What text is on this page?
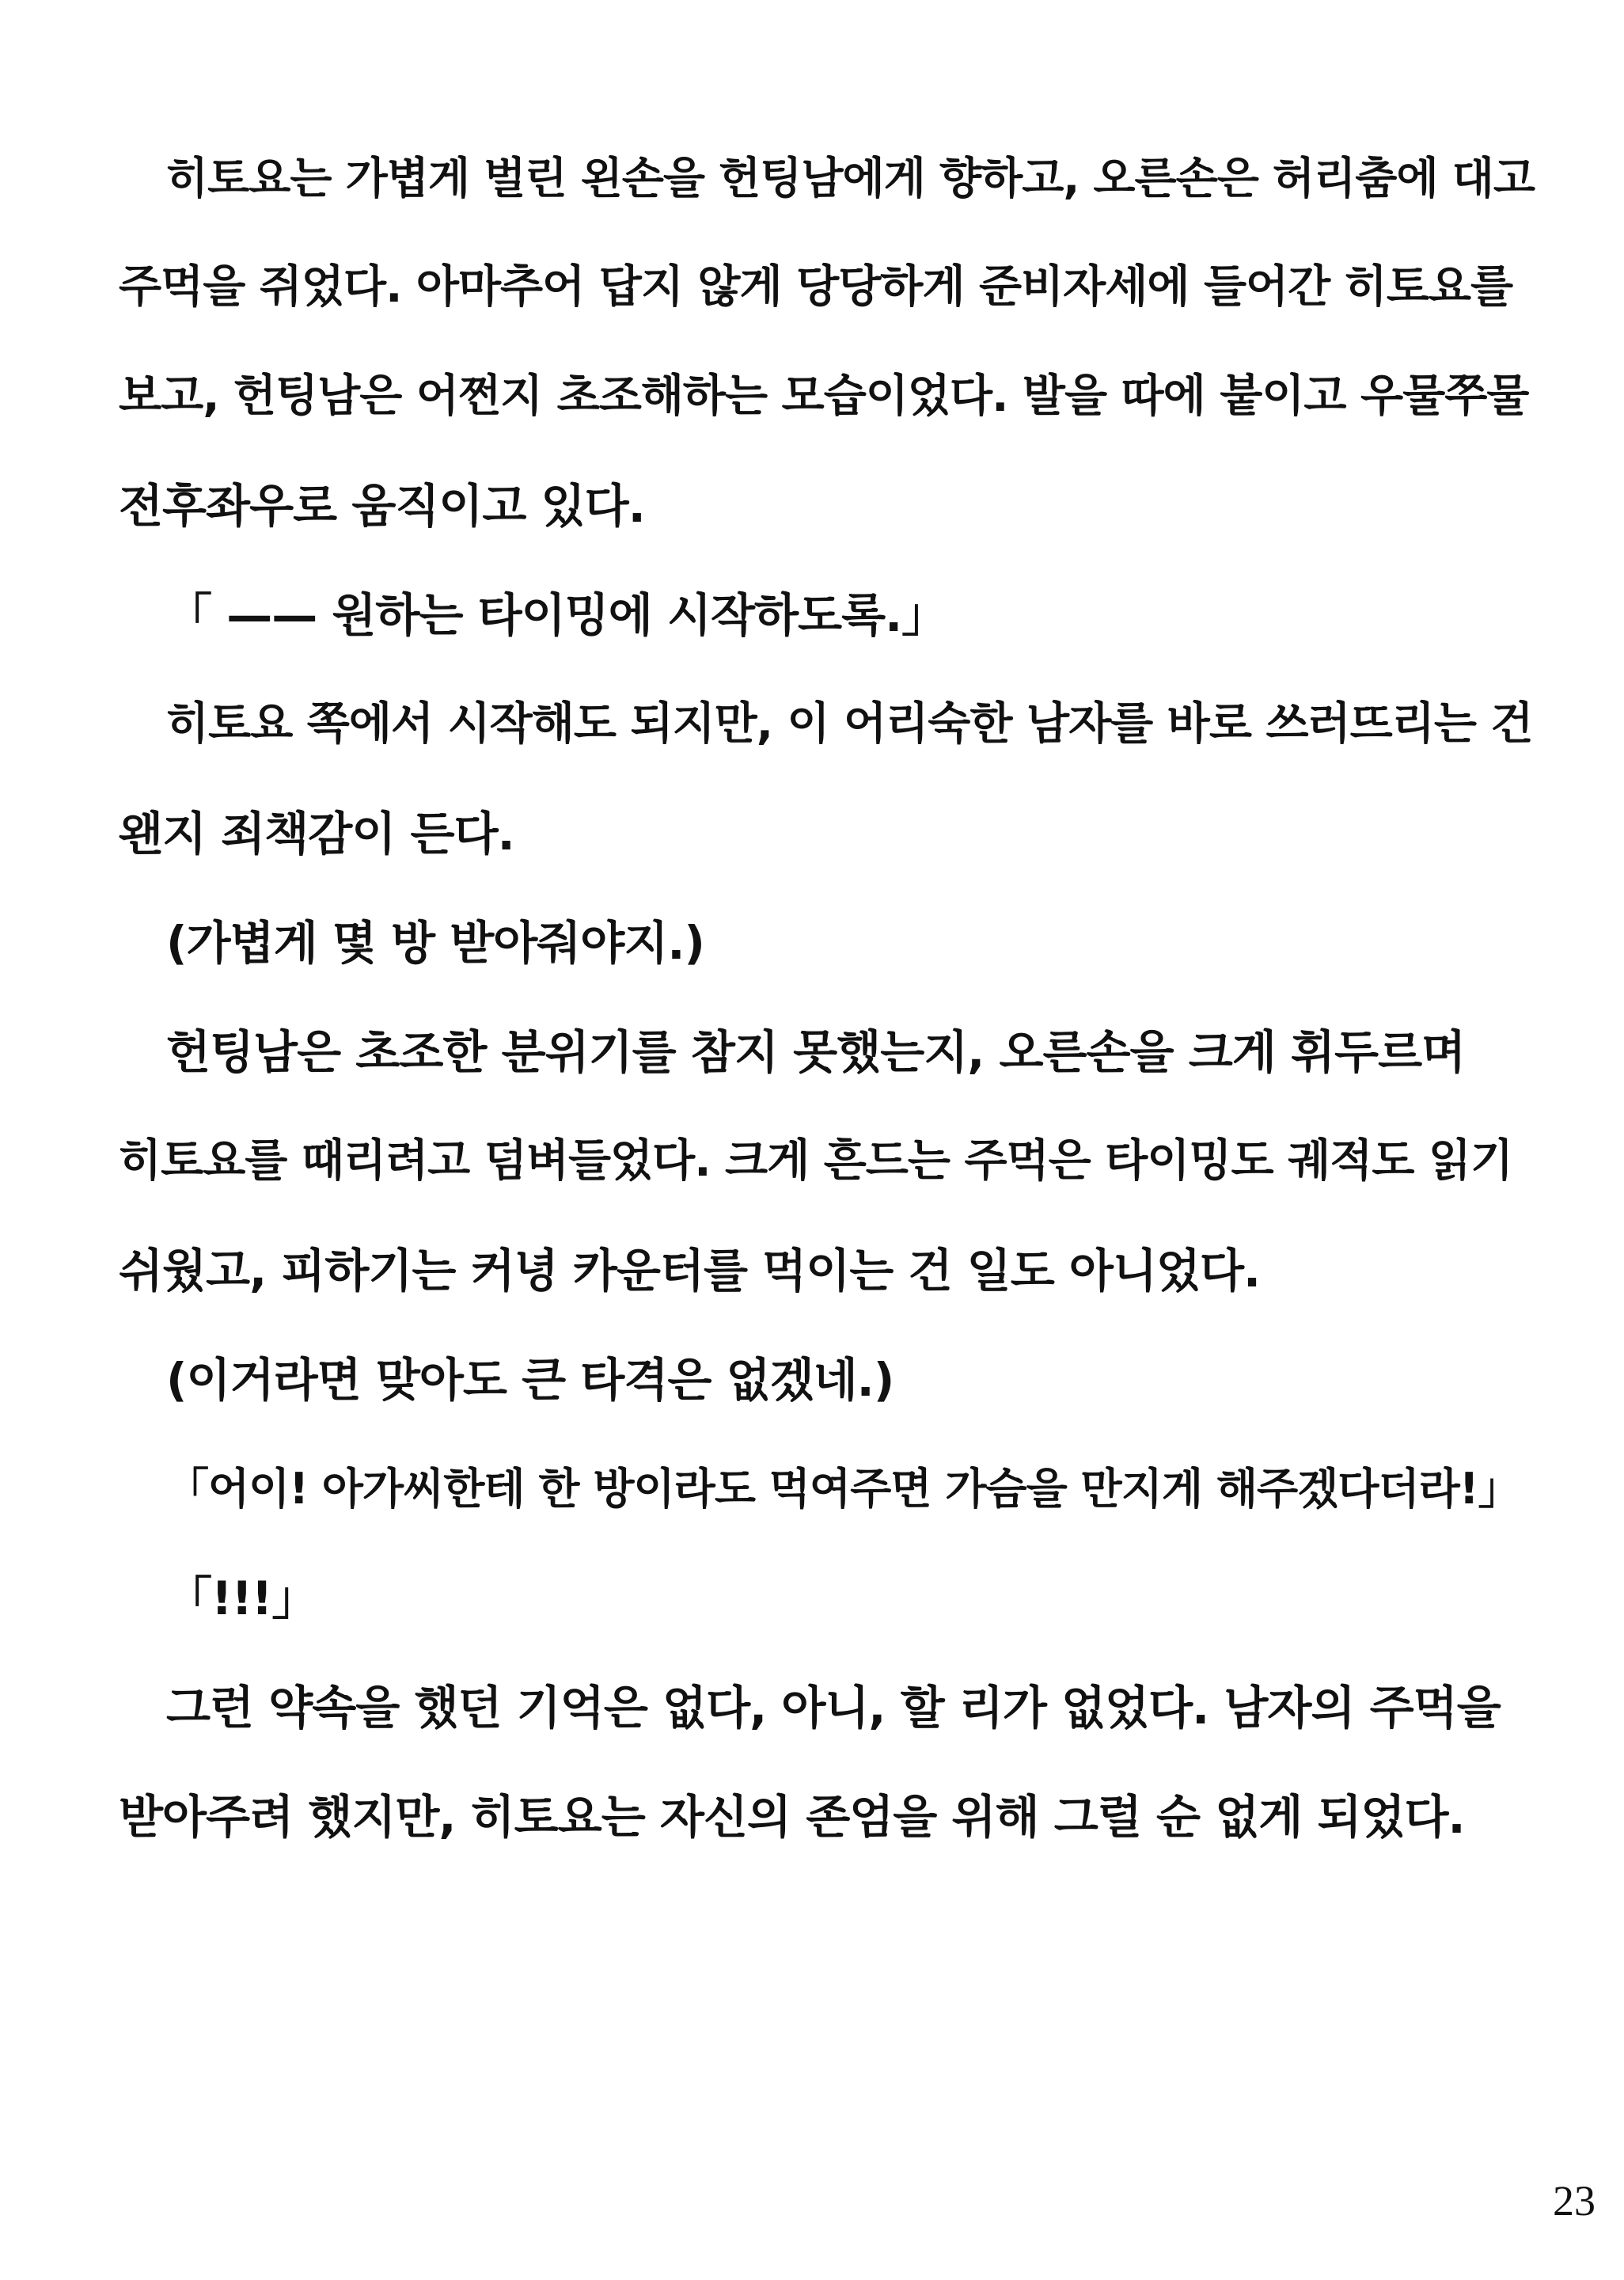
히토요는 가볍게 벌린 왼손을 헌팅남에게 향하고, 오른손은 허리춤에 대고
주먹을 쥐었다. 아마추어 답지 않게 당당하게 준비자세에 들어간 히토요를
보고, 헌팅남은 어쩐지 초조해하는 모습이었다. 발을 따에 붙이고 우물쭈물
전후좌우로 움직이고 있다.
「 —— 원하는 타이밍에 시작하도록.」
히토요 쪽에서 시작해도 되지만, 이 어리숙한 남자를 바로 쓰러뜨리는 건
왠지 죄책감이 든다.
(가볍게 몇 방 받아줘야지.)
헌팅남은 초조한 분위기를 참지 못했는지, 오른손을 크게 휘두르며
히토요를 때리려고 덤벼들었다. 크게 흔드는 주먹은 타이밍도 궤적도 읽기
쉬웠고, 피하기는 커녕 카운터를 먹이는 건 일도 아니었다.
(이거라면 맞아도 큰 타격은 없겠네.)
「어이! 아가씨한테 한 방이라도 먹여주면 가슴을 만지게 해주겠다더라!」
「!!!」
그런 약속을 했던 기억은 없다, 아니, 할 리가 없었다. 남자의 주먹을
받아주려 했지만, 히토요는 자신의 존엄을 위해 그럴 순 없게 되었다.
23
